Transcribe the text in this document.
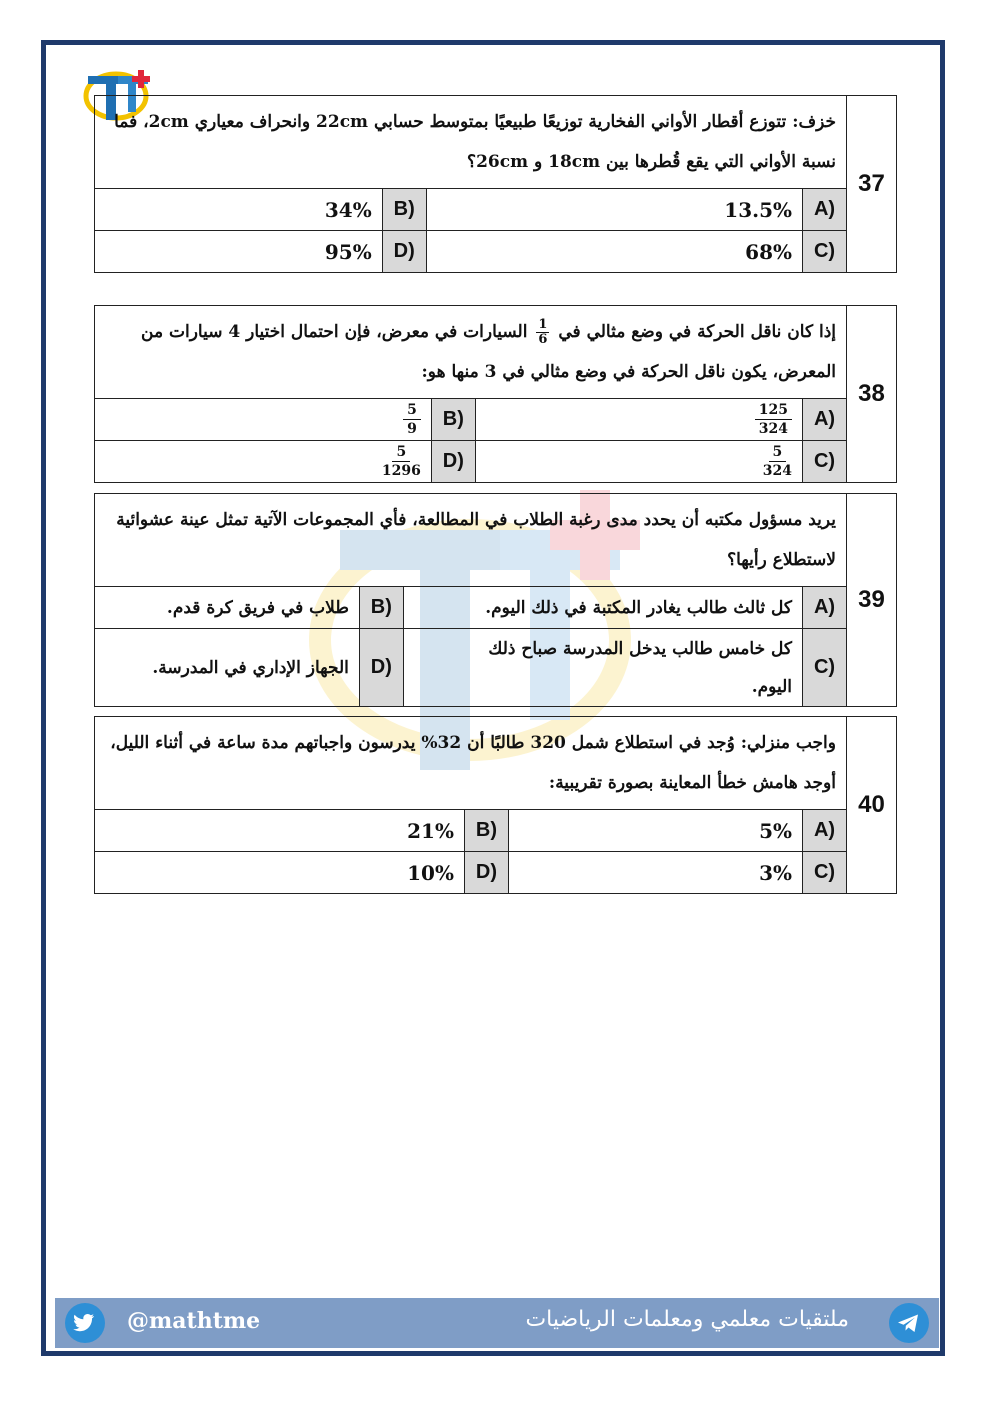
خزف: تتوزع أقطار الأواني الفخارية توزيعًا طبيعيًا بمتوسط حسابي 22cm وانحراف معياري 2cm، فما
نسبة الأواني التي يقع قُطرها بين 18cm و 26cm؟				37
34%	B)	13.5%	A)	
95%	D)	68%	C)	
إذا كان ناقل الحركة في وضع مثالي في
$\frac{1}{6}$
السيارات في معرض، فإن احتمال اختيار 4 سيارات من
المعرض، يكون ناقل الحركة في وضع مثالي في 3 منها هو:				38

$\frac{5}{9}$	B)	$\frac{125}{324}$	A)	

$\frac{5}{1296}$	D)	$\frac{5}{324}$	C)	
يريد مسؤول مكتبه أن يحدد مدى رغبة الطلاب في المطالعة، فأي المجموعات الآتية تمثل عينة عشوائية
لاستطلاع رأيها؟				39
طلاب في فريق كرة قدم.	B)	كل ثالث طالب يغادر المكتبة في ذلك اليوم.	A)	
الجهاز الإداري في المدرسة.	D)	كل خامس طالب يدخل المدرسة صباح ذلك
اليوم.	C)	
واجب منزلي: وُجد في استطلاع شمل 320 طالبًا أن 32% يدرسون واجباتهم مدة ساعة في أثناء الليل،
أوجد هامش خطأ المعاينة بصورة تقريبية:				40
21%	B)	5%	A)	
10%	D)	3%	C)	
@mathtme	ملتقيات معلمي ومعلمات الرياضيات
